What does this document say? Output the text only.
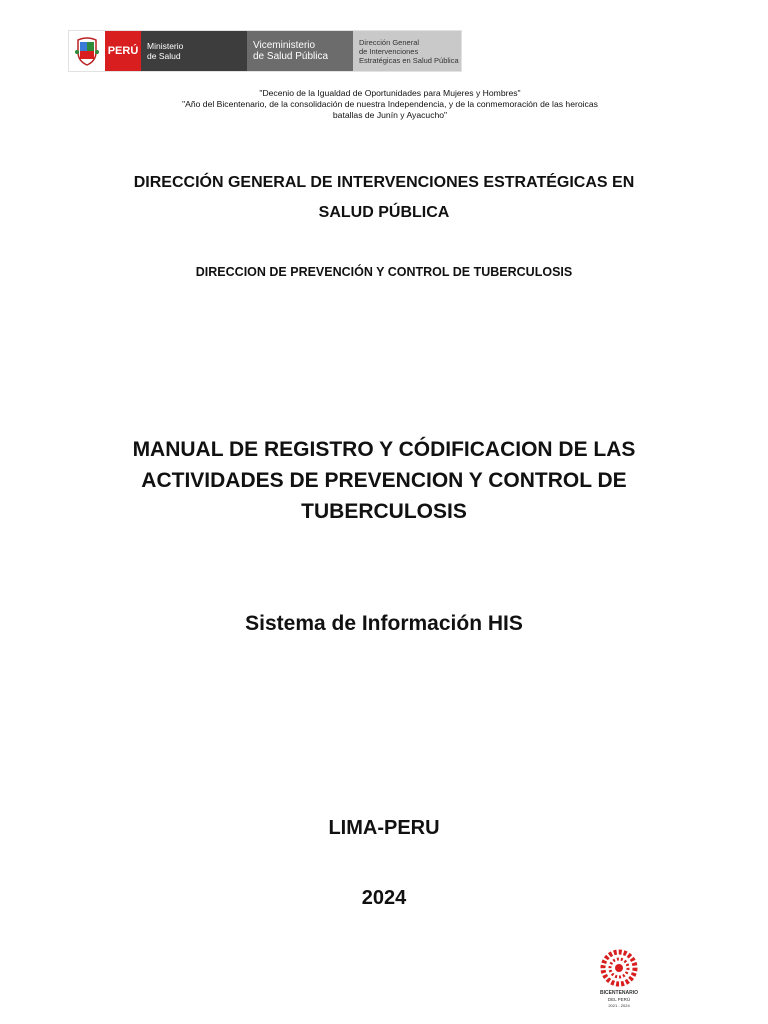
PERÚ	Ministerio
de Salud
Viceministerio
de Salud Pública
Dirección General
de Intervenciones
Estratégicas en Salud Pública
"Decenio de la Igualdad de Oportunidades para Mujeres y Hombres"
"Año del Bicentenario, de la consolidación de nuestra Independencia, y de la conmemoración de las heroicas
batallas de Junín y Ayacucho"
DIRECCIÓN GENERAL DE INTERVENCIONES ESTRATÉGICAS EN
SALUD PÚBLICA
DIRECCION DE PREVENCIÓN Y CONTROL DE TUBERCULOSIS
MANUAL DE REGISTRO Y CÓDIFICACION DE LAS
ACTIVIDADES DE PREVENCION Y CONTROL DE
TUBERCULOSIS
Sistema de Información HIS
LIMA-PERU
2024
BICENTENARIO
DEL PERÚ
2021 - 2024
